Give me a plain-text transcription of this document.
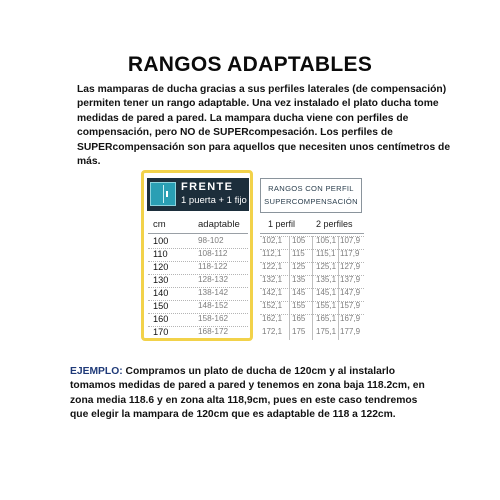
RANGOS ADAPTABLES
Las mamparas de ducha gracias a sus perfiles laterales (de compensación)
permiten tener un rango adaptable. Una vez instalado el plato ducha tome
medidas de pared a pared. La mampara ducha viene con perfiles de
compensación, pero NO de SUPERcompesación. Los perfiles de
SUPERcompensación son para aquellos que necesiten unos centímetros de más.
FRENTE
1 puerta + 1 fijo
cm	adaptable
100	98-102
110	108-112
120	118-122
130	128-132
140	138-142
150	148-152
160	158-162
170	168-172
RANGOS CON PERFIL
SUPERCOMPENSACIÓN
1 perfil 2 perfiles
102,1 105 105,1 107,9
112,1 115 115,1 117,9
122,1 125 125,1 127,9
132,1 135 135,1 137,9
142,1 145 145,1 147,9
152,1 155 155,1 157,9
162,1 165 165,1 167,9
172,1 175 175,1 177,9
EJEMPLO: Compramos un plato de ducha de 120cm y al instalarlo
tomamos medidas de pared a pared y tenemos en zona baja 118.2cm, en
zona media 118.6 y en zona alta 118,9cm, pues en este caso tendremos
que elegir la mampara de 120cm que es adaptable de 118 a 122cm.
